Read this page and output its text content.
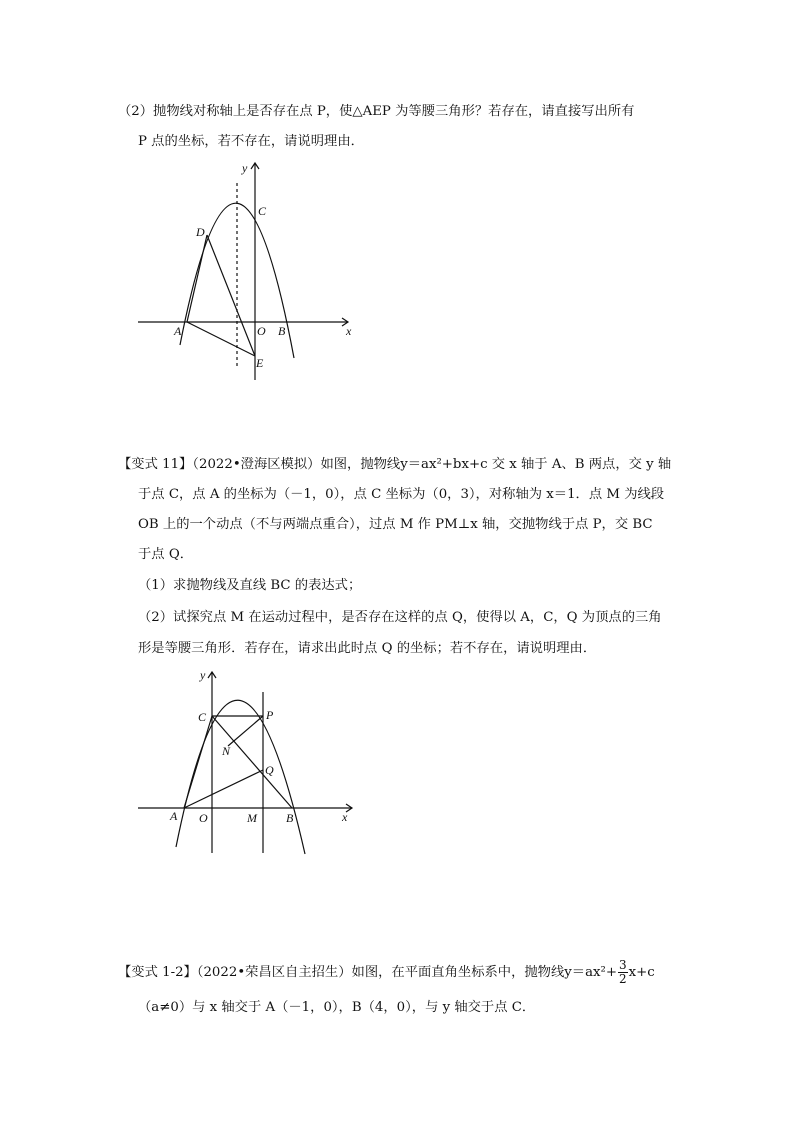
（2）抛物线对称轴上是否存在点 P，使△AEP 为等腰三角形？若存在，请直接写出所有
P 点的坐标，若不存在，请说明理由．
y
x
C
D
A	O B
E
【变式 11】（2022•澄海区模拟）如图，抛物线y＝ax²+bx+c 交 x 轴于 A、B 两点，交 y 轴
于点 C，点 A 的坐标为（－1，0），点 C 坐标为（0，3），对称轴为 x＝1．点 M 为线段
OB 上的一个动点（不与两端点重合），过点 M 作 PM⊥x 轴，交抛物线于点 P，交 BC
于点 Q．
（1）求抛物线及直线 BC 的表达式；
（2）试探究点 M 在运动过程中，是否存在这样的点 Q，使得以 A，C，Q 为顶点的三角
形是等腰三角形．若存在，请求出此时点 Q 的坐标；若不存在，请说明理由．
y
x
C	P
N
Q
A O	M B
【变式 1-2】（2022•荣昌区自主招生）如图，在平面直角坐标系中，抛物线$y=ax^2+ \frac{3}{2} x+c$
（a≠0）与 x 轴交于 A（－1，0），B（4，0），与 y 轴交于点 C．
